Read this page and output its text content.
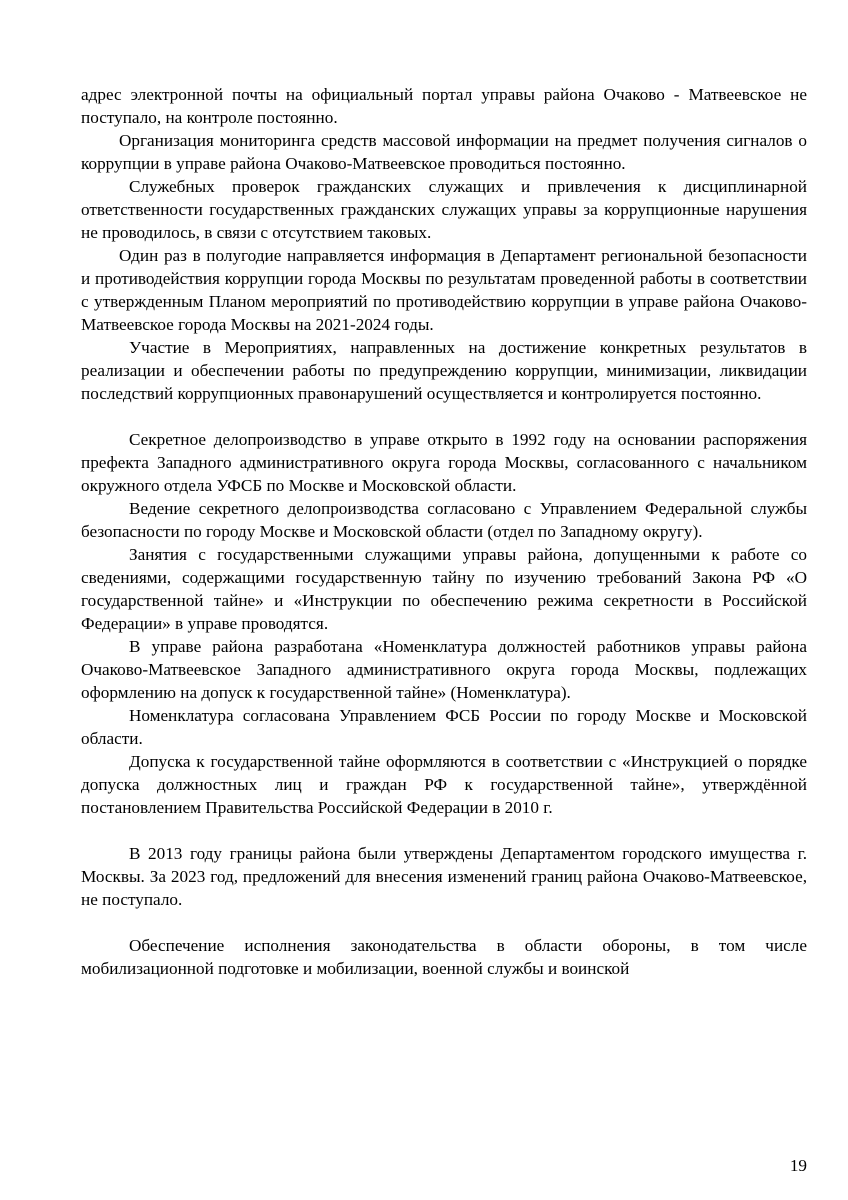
адрес электронной почты на официальный портал управы района Очаково - Матвеевское не поступало, на контроле постоянно.

Организация мониторинга средств массовой информации на предмет получения сигналов о коррупции в управе района Очаково-Матвеевское проводиться постоянно.

Служебных проверок гражданских служащих и привлечения к дисциплинарной ответственности государственных гражданских служащих управы за коррупционные нарушения не проводилось, в связи с отсутствием таковых.

Один раз в полугодие направляется информация в Департамент региональной безопасности и противодействия коррупции города Москвы по результатам проведенной работы в соответствии с утвержденным Планом мероприятий по противодействию коррупции в управе района Очаково-Матвеевское города Москвы на 2021-2024 годы.

Участие в Мероприятиях, направленных на достижение конкретных результатов в реализации и обеспечении работы по предупреждению коррупции, минимизации, ликвидации последствий коррупционных правонарушений осуществляется и контролируется постоянно.

Секретное делопроизводство в управе открыто в 1992 году на основании распоряжения префекта Западного административного округа города Москвы, согласованного с начальником окружного отдела УФСБ по Москве и Московской области.

Ведение секретного делопроизводства согласовано с Управлением Федеральной службы безопасности по городу Москве и Московской области (отдел по Западному округу).

Занятия с государственными служащими управы района, допущенными к работе со сведениями, содержащими государственную тайну по изучению требований Закона РФ «О государственной тайне» и «Инструкции по обеспечению режима секретности в Российской Федерации» в управе проводятся.

В управе района разработана «Номенклатура должностей работников управы района Очаково-Матвеевское Западного административного округа города Москвы, подлежащих оформлению на допуск к государственной тайне» (Номенклатура).

Номенклатура согласована Управлением ФСБ России по городу Москве и Московской области.

Допуска к государственной тайне оформляются в соответствии с «Инструкцией о порядке допуска должностных лиц и граждан РФ к государственной тайне», утверждённой постановлением Правительства Российской Федерации в 2010 г.

В 2013 году границы района были утверждены Департаментом городского имущества г. Москвы. За 2023 год, предложений для внесения изменений границ района Очаково-Матвеевское, не поступало.

Обеспечение исполнения законодательства в области обороны, в том числе мобилизационной подготовке и мобилизации, военной службы и воинской

19
